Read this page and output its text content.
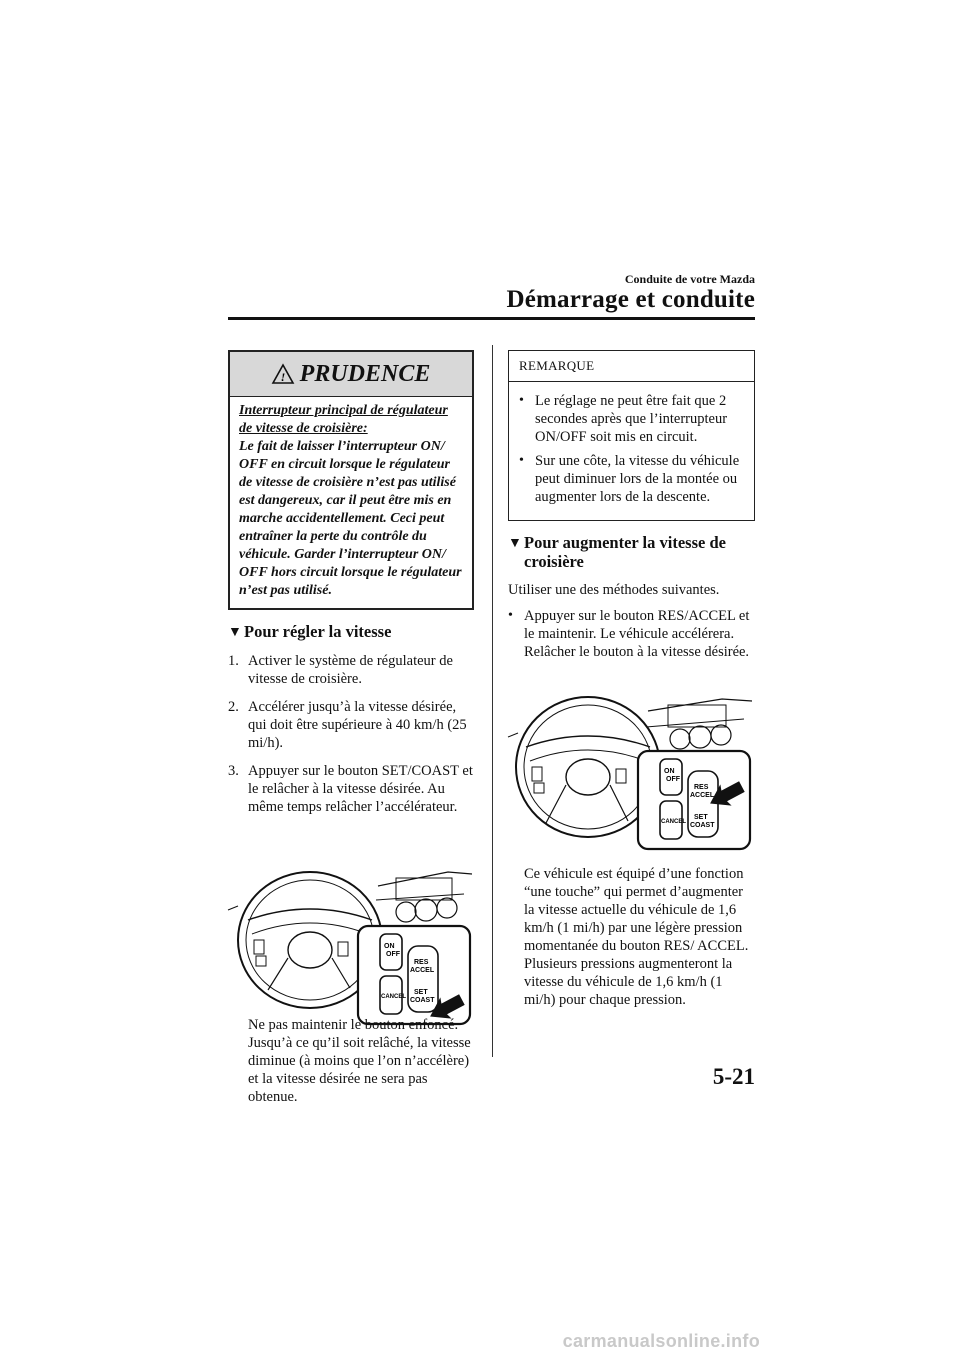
Conduite de votre Mazda
Démarrage et conduite
! PRUDENCE
Interrupteur principal de régulateur
de vitesse de croisière:
Le fait de laisser l’interrupteur ON/ OFF en circuit lorsque le régulateur de vitesse de croisière n’est pas utilisé est dangereux, car il peut être mis en marche accidentellement. Ceci peut entraîner la perte du contrôle du véhicule. Garder l’interrupteur ON/ OFF hors circuit lorsque le régulateur n’est pas utilisé.
▼ Pour régler la vitesse
1. Activer le système de régulateur de vitesse de croisière.
2. Accélérer jusqu’à la vitesse désirée, qui doit être supérieure à 40 km/h (25 mi/h).
3. Appuyer sur le bouton SET/COAST et le relâcher à la vitesse désirée. Au même temps relâcher l’accélérateur.
ON
OFF
CANCEL
RES
ACCEL
SET
COAST
Ne pas maintenir le bouton enfoncé. Jusqu’à ce qu’il soit relâché, la vitesse diminue (à moins que l’on n’accélère) et la vitesse désirée ne sera pas obtenue.
REMARQUE
• Le réglage ne peut être fait que 2 secondes après que l’interrupteur ON/OFF soit mis en circuit.
• Sur une côte, la vitesse du véhicule peut diminuer lors de la montée ou augmenter lors de la descente.
▼ Pour augmenter la vitesse de croisière
Utiliser une des méthodes suivantes.
• Appuyer sur le bouton RES/ACCEL et le maintenir. Le véhicule accélérera. Relâcher le bouton à la vitesse désirée.
ON
OFF
CANCEL
RES
ACCEL
SET
COAST
Ce véhicule est équipé d’une fonction “une touche” qui permet d’augmenter la vitesse actuelle du véhicule de 1,6 km/h (1 mi/h) par une légère pression momentanée du bouton RES/ ACCEL. Plusieurs pressions augmenteront la vitesse du véhicule de 1,6 km/h (1 mi/h) pour chaque pression.
5-21
carmanualsonline.info
